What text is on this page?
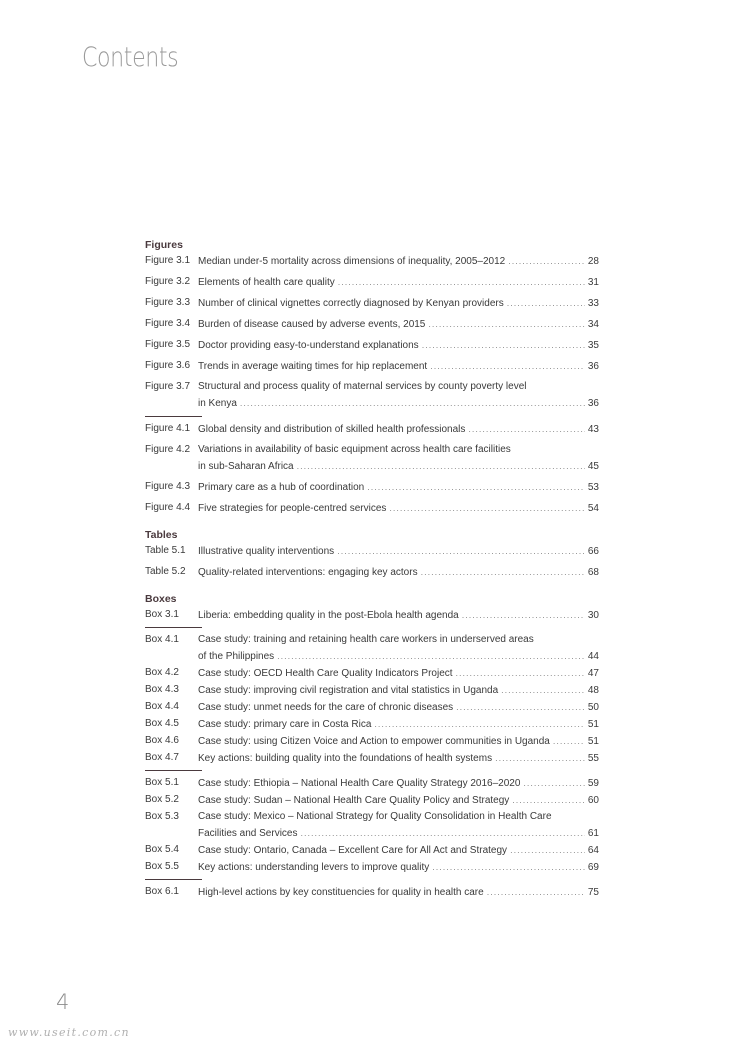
Contents
Figures
Figure 3.1 Median under-5 mortality across dimensions of inequality, 2005–2012 .....	28
Figure 3.2 Elements of health care quality .....	31
Figure 3.3 Number of clinical vignettes correctly diagnosed by Kenyan providers .....	33
Figure 3.4 Burden of disease caused by adverse events, 2015 .....	34
Figure 3.5 Doctor providing easy-to-understand explanations .....	35
Figure 3.6 Trends in average waiting times for hip replacement .....	36
Figure 3.7 Structural and process quality of maternal services by county poverty level
in Kenya .....	36
Figure 4.1 Global density and distribution of skilled health professionals .....	43
Figure 4.2 Variations in availability of basic equipment across health care facilities
in sub-Saharan Africa .....	45
Figure 4.3 Primary care as a hub of coordination .....	53
Figure 4.4 Five strategies for people-centred services .....	54
Tables
Table 5.1	Illustrative quality interventions .....	66
Table 5.2	Quality-related interventions: engaging key actors .....	68
Boxes
Box 3.1	Liberia: embedding quality in the post-Ebola health agenda .....	30
Box 4.1	Case study: training and retaining health care workers in underserved areas
of the Philippines .....	44
Box 4.2	Case study: OECD Health Care Quality Indicators Project .....	47
Box 4.3	Case study: improving civil registration and vital statistics in Uganda .....	48
Box 4.4	Case study: unmet needs for the care of chronic diseases .....	50
Box 4.5	Case study: primary care in Costa Rica .....	51
Box 4.6	Case study: using Citizen Voice and Action to empower communities in Uganda .....	51
Box 4.7	Key actions: building quality into the foundations of health systems .....	55
Box 5.1	Case study: Ethiopia – National Health Care Quality Strategy 2016–2020 .....	59
Box 5.2	Case study: Sudan – National Health Care Quality Policy and Strategy .....	60
Box 5.3	Case study: Mexico – National Strategy for Quality Consolidation in Health Care
Facilities and Services .....	61
Box 5.4	Case study: Ontario, Canada – Excellent Care for All Act and Strategy .....	64
Box 5.5	Key actions: understanding levers to improve quality .....	69
Box 6.1	High-level actions by key constituencies for quality in health care .....	75
4
www.useit.com.cn
